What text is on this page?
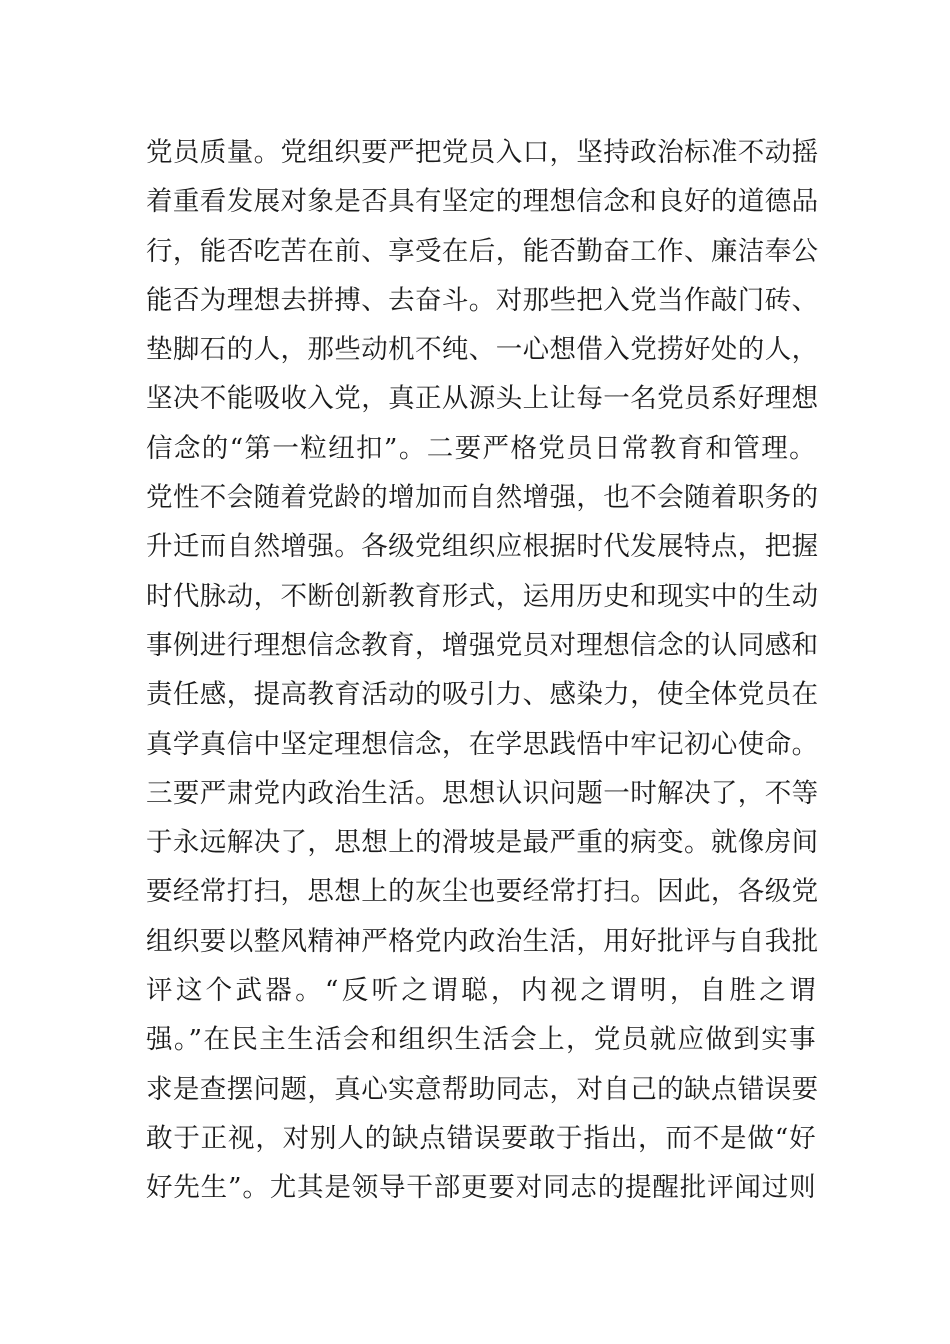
党员质量。党组织要严把党员入口，坚持政治标准不动摇
着重看发展对象是否具有坚定的理想信念和良好的道德品
行，能否吃苦在前、享受在后，能否勤奋工作、廉洁奉公
能否为理想去拼搏、去奋斗。对那些把入党当作敲门砖、
垫脚石的人，那些动机不纯、一心想借入党捞好处的人，
坚决不能吸收入党，真正从源头上让每一名党员系好理想
信念的“第一粒纽扣”。二要严格党员日常教育和管理。
党性不会随着党龄的增加而自然增强，也不会随着职务的
升迁而自然增强。各级党组织应根据时代发展特点，把握
时代脉动，不断创新教育形式，运用历史和现实中的生动
事例进行理想信念教育，增强党员对理想信念的认同感和
责任感，提高教育活动的吸引力、感染力，使全体党员在
真学真信中坚定理想信念，在学思践悟中牢记初心使命。
三要严肃党内政治生活。思想认识问题一时解决了，不等
于永远解决了，思想上的滑坡是最严重的病变。就像房间
要经常打扫，思想上的灰尘也要经常打扫。因此，各级党
组织要以整风精神严格党内政治生活，用好批评与自我批
评这个武器。“反听之谓聪，内视之谓明，自胜之谓
强。”在民主生活会和组织生活会上，党员就应做到实事
求是查摆问题，真心实意帮助同志，对自己的缺点错误要
敢于正视，对别人的缺点错误要敢于指出，而不是做“好
好先生”。尤其是领导干部更要对同志的提醒批评闻过则
